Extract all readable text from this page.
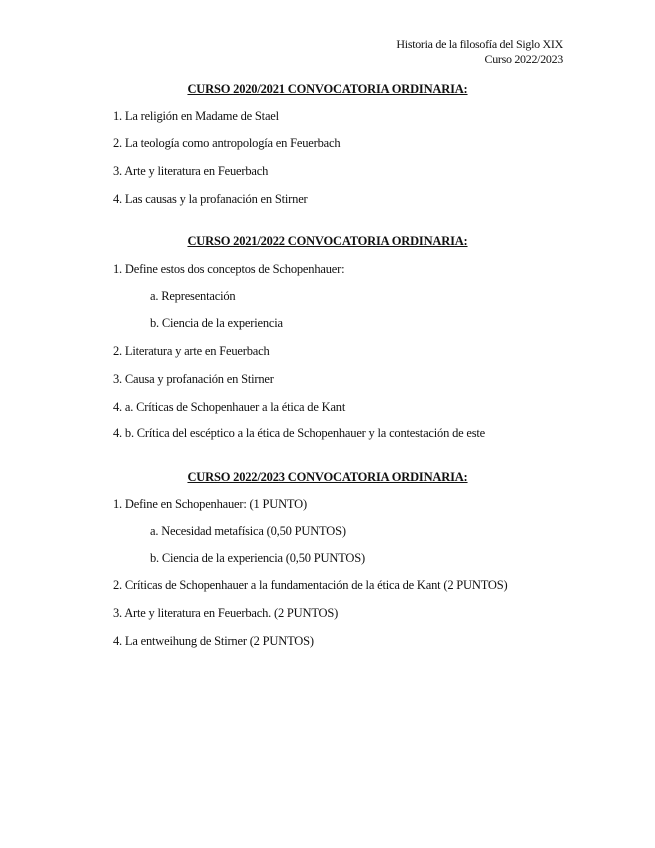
Historia de la filosofía del Siglo XIX
Curso 2022/2023
CURSO 2020/2021 CONVOCATORIA ORDINARIA:
1. La religión en Madame de Stael
2. La teología como antropología en Feuerbach
3. Arte y literatura en Feuerbach
4. Las causas y la profanación en Stirner
CURSO 2021/2022 CONVOCATORIA ORDINARIA:
1. Define estos dos conceptos de Schopenhauer:
a. Representación
b. Ciencia de la experiencia
2. Literatura y arte en Feuerbach
3. Causa y profanación en Stirner
4. a. Críticas de Schopenhauer a la ética de Kant
4. b. Crítica del escéptico a la ética de Schopenhauer y la contestación de este
CURSO 2022/2023 CONVOCATORIA ORDINARIA:
1. Define en Schopenhauer: (1 PUNTO)
a. Necesidad metafísica (0,50 PUNTOS)
b. Ciencia de la experiencia (0,50 PUNTOS)
2. Críticas de Schopenhauer a la fundamentación de la ética de Kant (2 PUNTOS)
3. Arte y literatura en Feuerbach. (2 PUNTOS)
4. La entweihung de Stirner (2 PUNTOS)
